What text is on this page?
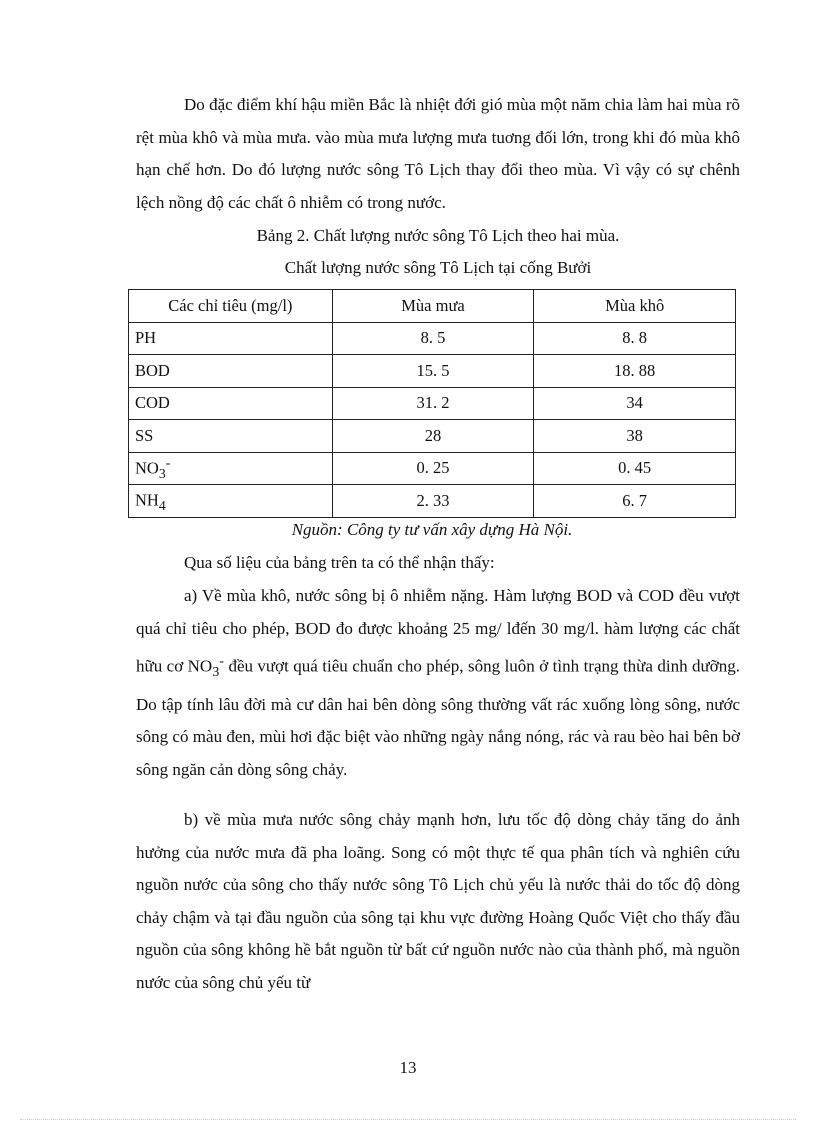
Do đặc điểm khí hậu miền Bắc là nhiệt đới gió mùa một năm chia làm hai mùa rõ rệt mùa khô và mùa mưa. vào mùa mưa lượng mưa tuơng đối lớn, trong khi đó mùa khô hạn chế hơn. Do đó lượng nước sông Tô Lịch thay đổi theo mùa. Vì vậy có sự chênh lệch nồng độ các chất ô nhiễm có trong nước.

Bảng 2. Chất lượng nước sông Tô Lịch theo hai mùa.

Chất lượng nước sông Tô Lịch tại cống Bưởi

Các chỉ tiêu (mg/l)	Mùa mưa	Mùa khô
PH	8. 5	8. 8
BOD	15. 5	18. 88
COD	31. 2	34
SS	28	38
$NO_3^-$	0. 25	0. 45
$NH_4$	2. 33	6. 7
Nguồn: Công ty tư vấn xây dựng Hà Nội.

Qua số liệu của bảng trên ta có thể nhận thấy:

a) Về mùa khô, nước sông bị ô nhiễm nặng. Hàm lượng BOD và COD đều vượt quá chỉ tiêu cho phép, BOD đo được khoảng 25 mg/ lđến 30 mg/l. hàm lượng các chất hữu cơ $NO_3^-$ đều vượt quá tiêu chuẩn cho phép, sông luôn ở tình trạng thừa dinh dưỡng. Do tập tính lâu đời mà cư dân hai bên dòng sông thường vất rác xuống lòng sông, nước sông có màu đen, mùi hơi đặc biệt vào những ngày nắng nóng, rác và rau bèo hai bên bờ sông ngăn cản dòng sông chảy.

b) về mùa mưa nước sông chảy mạnh hơn, lưu tốc độ dòng chảy tăng do ảnh hưởng của nước mưa đã pha loãng. Song có một thực tế qua phân tích và nghiên cứu nguồn nước của sông cho thấy nước sông Tô Lịch chủ yếu là nước thải do tốc độ dòng chảy chậm và tại đầu nguồn của sông tại khu vực đường Hoàng Quốc Việt cho thấy đầu nguồn của sông không hề bắt nguồn từ bất cứ nguồn nước nào của thành phố, mà nguồn nước của sông chủ yếu từ

13
